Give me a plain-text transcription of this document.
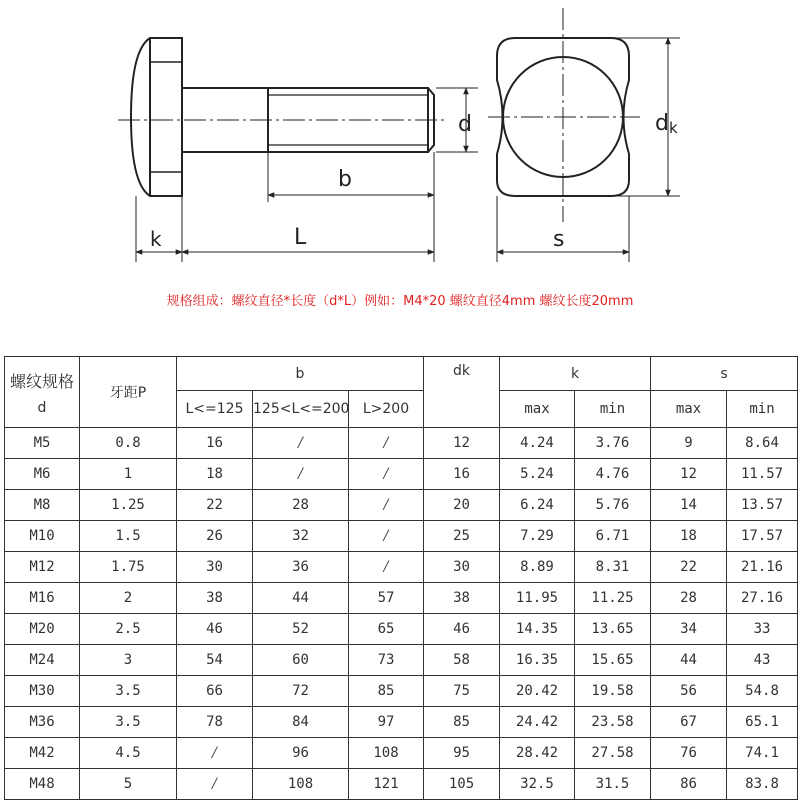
d
b
L
k
dk
s
规格组成：螺纹直径*长度（d*L）例如：M4*20 螺纹直径4mm 螺纹长度20mm
螺纹规格
d	牙距P	b			dk	k		s	
		L<=125	125<L<=200	L>200		max	min	max	min
M5	0.8	16	/	/	12	4.24	3.76	9	8.64
M6	1	18	/	/	16	5.24	4.76	12	11.57
M8	1.25	22	28	/	20	6.24	5.76	14	13.57
M10	1.5	26	32	/	25	7.29	6.71	18	17.57
M12	1.75	30	36	/	30	8.89	8.31	22	21.16
M16	2	38	44	57	38	11.95	11.25	28	27.16
M20	2.5	46	52	65	46	14.35	13.65	34	33
M24	3	54	60	73	58	16.35	15.65	44	43
M30	3.5	66	72	85	75	20.42	19.58	56	54.8
M36	3.5	78	84	97	85	24.42	23.58	67	65.1
M42	4.5	/	96	108	95	28.42	27.58	76	74.1
M48	5	/	108	121	105	32.5	31.5	86	83.8
